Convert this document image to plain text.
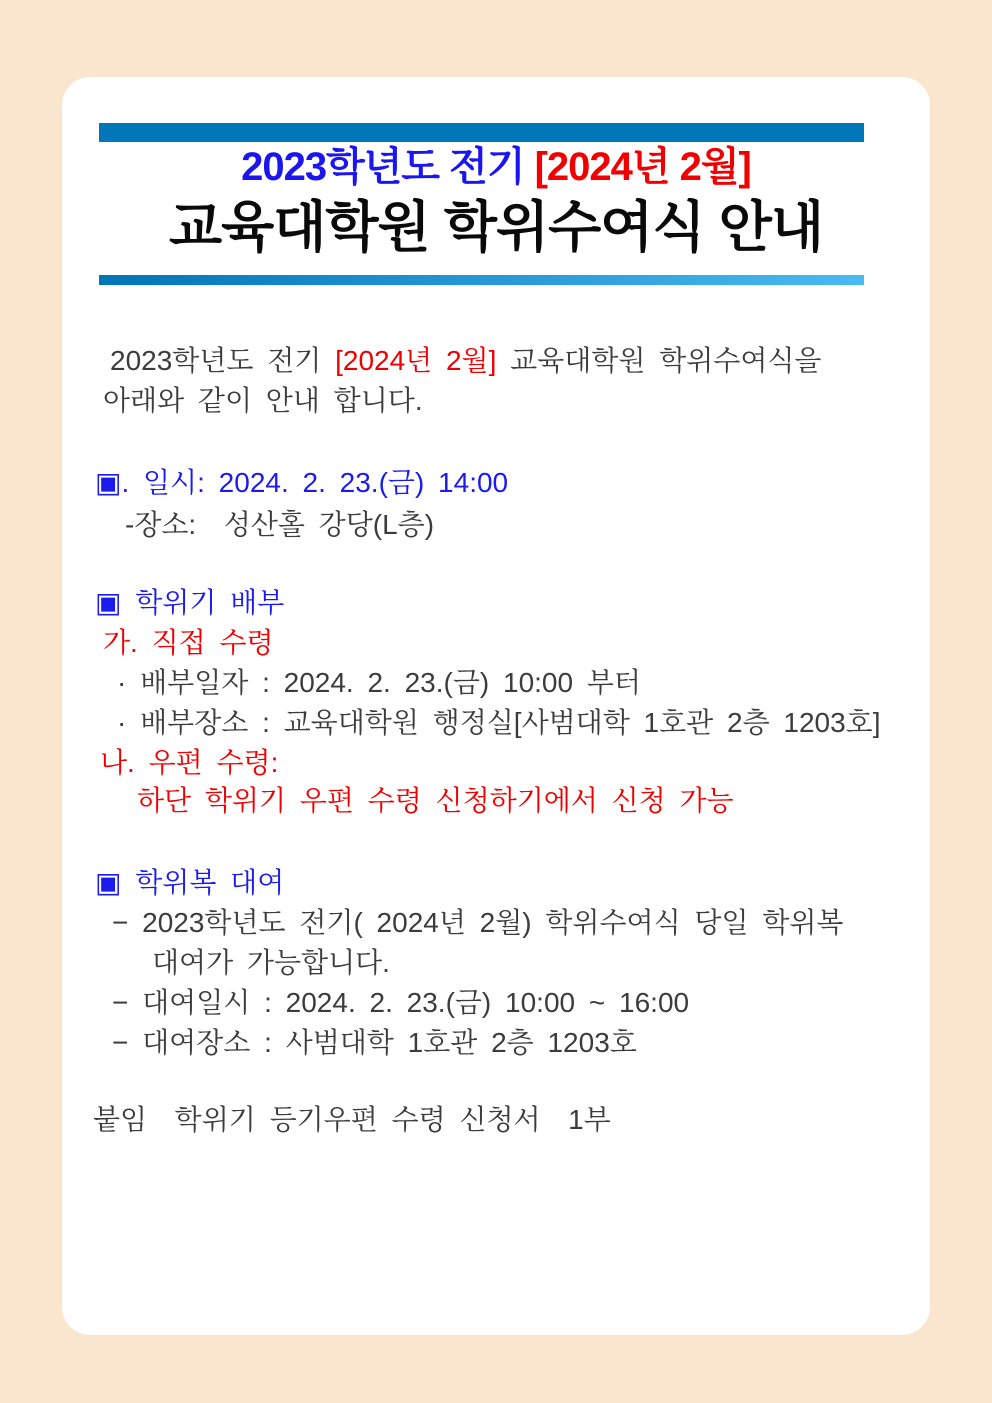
2023학년도 전기 [2024년 2월]
교육대학원 학위수여식 안내
2023학년도 전기 [2024년 2월] 교육대학원 학위수여식을
아래와 같이 안내 합니다.
▣. 일시: 2024. 2. 23.(금) 14:00
-장소:  성산홀 강당(L층)
▣ 학위기 배부
가. 직접 수령
· 배부일자 : 2024. 2. 23.(금) 10:00 부터
· 배부장소 : 교육대학원 행정실[사범대학 1호관 2층 1203호]
나. 우편 수령:
하단 학위기 우편 수령 신청하기에서 신청 가능
▣ 학위복 대여
− 2023학년도 전기( 2024년 2월) 학위수여식 당일 학위복
대여가 가능합니다.
− 대여일시 : 2024. 2. 23.(금) 10:00 ~ 16:00
− 대여장소 : 사범대학 1호관 2층 1203호
붙임  학위기 등기우편 수령 신청서  1부
